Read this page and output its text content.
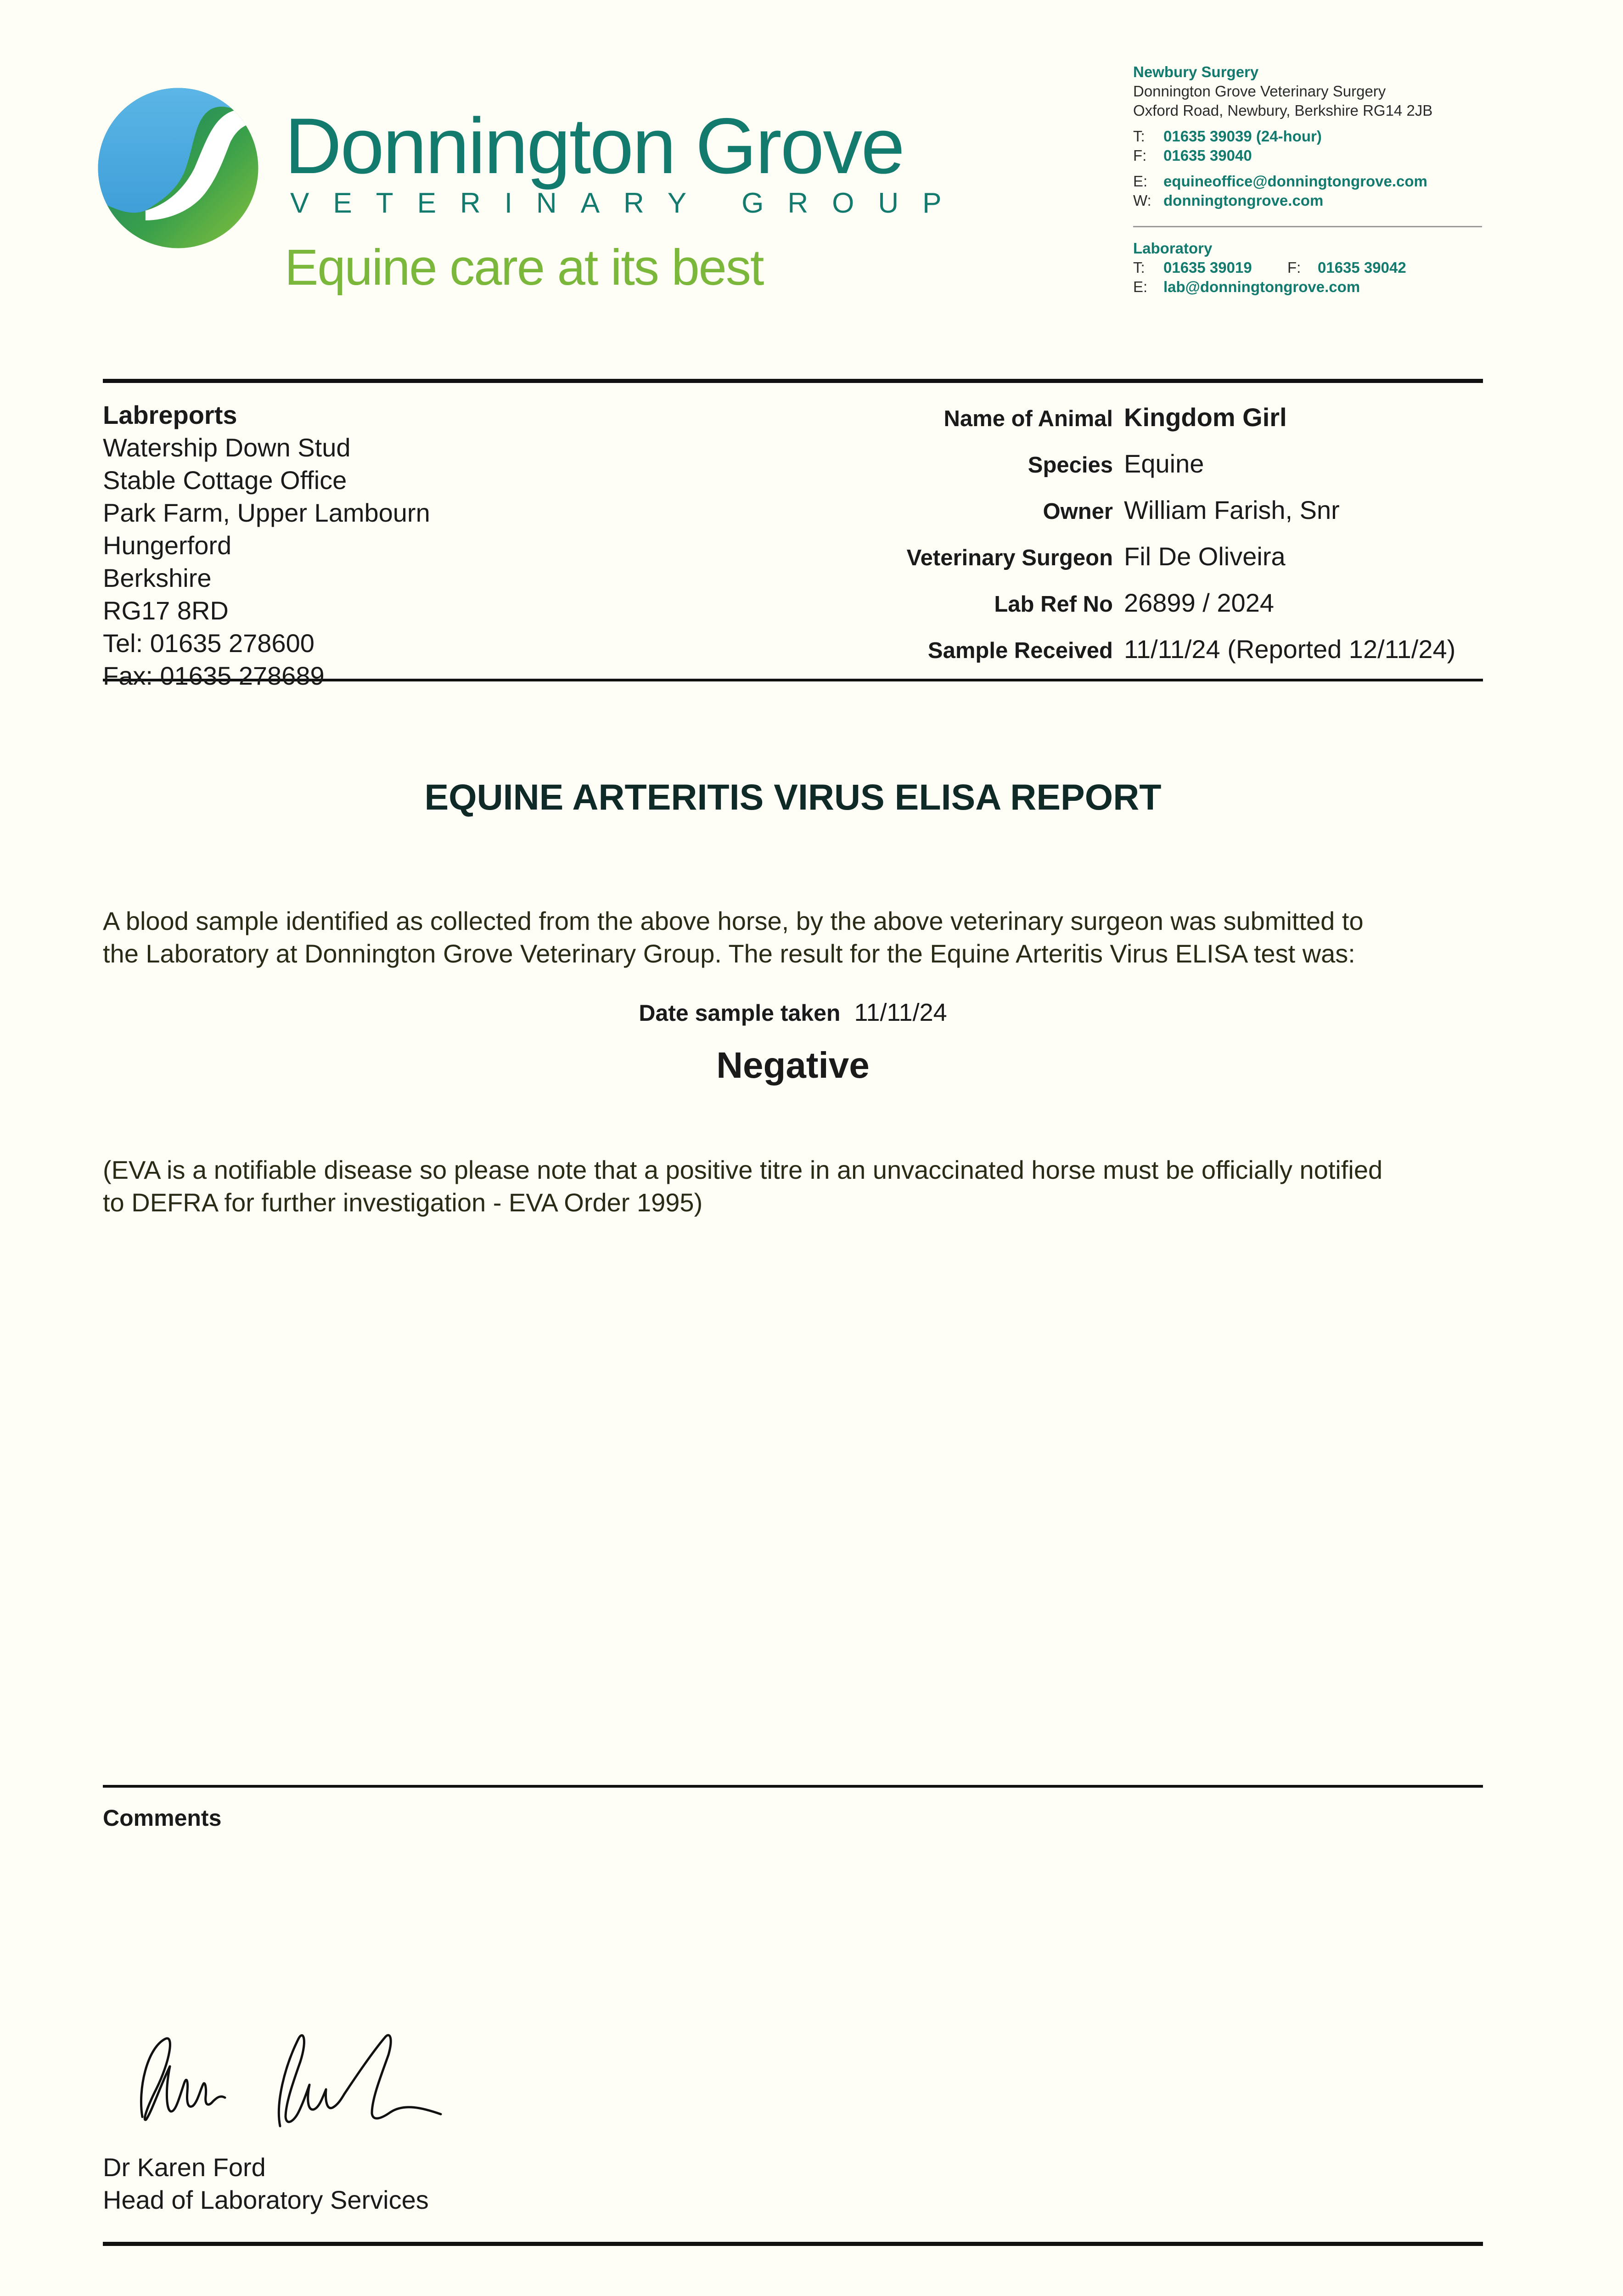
Donnington Grove
VETERINARY GROUP
Equine care at its best
Newbury Surgery
Donnington Grove Veterinary Surgery
Oxford Road, Newbury, Berkshire RG14 2JB
T: 01635 39039 (24-hour)
F: 01635 39040
E: equineoffice@donningtongrove.com
W: donningtongrove.com
Laboratory
T: 01635 39019 F: 01635 39042
E: lab@donningtongrove.com
Labreports
Watership Down Stud
Stable Cottage Office
Park Farm, Upper Lambourn
Hungerford
Berkshire
RG17 8RD
Tel: 01635 278600
Fax: 01635 278689
Name of Animal Kingdom Girl
Species Equine
Owner William Farish, Snr
Veterinary Surgeon Fil De Oliveira
Lab Ref No 26899 / 2024
Sample Received 11/11/24 (Reported 12/11/24)
EQUINE ARTERITIS VIRUS ELISA REPORT
A blood sample identified as collected from the above horse, by the above veterinary surgeon was submitted to
the Laboratory at Donnington Grove Veterinary Group. The result for the Equine Arteritis Virus ELISA test was:
Date sample taken 11/11/24
Negative
(EVA is a notifiable disease so please note that a positive titre in an unvaccinated horse must be officially notified
to DEFRA for further investigation - EVA Order 1995)
Comments
Dr Karen Ford
Head of Laboratory Services
